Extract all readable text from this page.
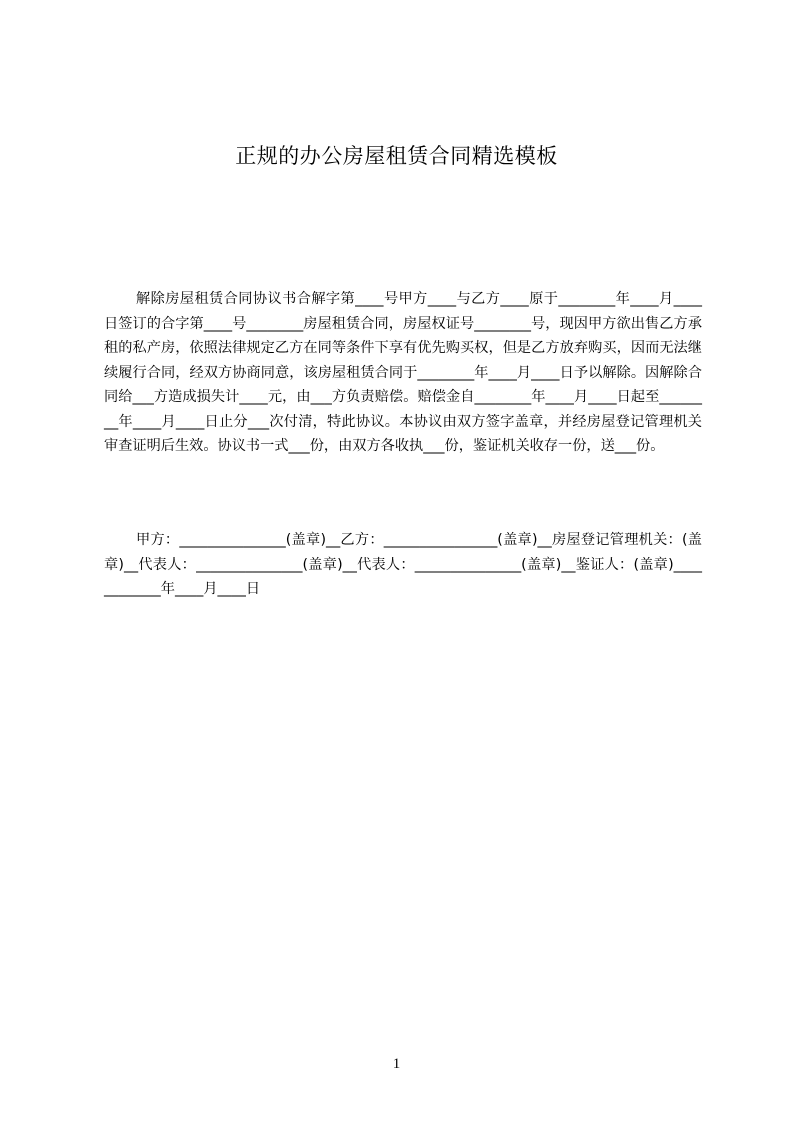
正规的办公房屋租赁合同精选模板

解除房屋租赁合同协议书合解字第____号甲方____与乙方____原于________年____月____日签订的合字第____号________房屋租赁合同，房屋权证号________号，现因甲方欲出售乙方承租的私产房，依照法律规定乙方在同等条件下享有优先购买权，但是乙方放弃购买，因而无法继续履行合同，经双方协商同意，该房屋租赁合同于________年____月____日予以解除。因解除合同给___方造成损失计____元，由___方负责赔偿。赔偿金自________年____月____日起至________年____月____日止分___次付清，特此协议。本协议由双方签字盖章，并经房屋登记管理机关审查证明后生效。协议书一式___份，由双方各收执___份，鉴证机关收存一份，送___份。

甲方：_______________(盖章)__乙方：________________(盖章)__房屋登记管理机关：(盖章)__代表人：_______________(盖章)__代表人：_______________(盖章)__鉴证人：(盖章)____________年____月____日

1
